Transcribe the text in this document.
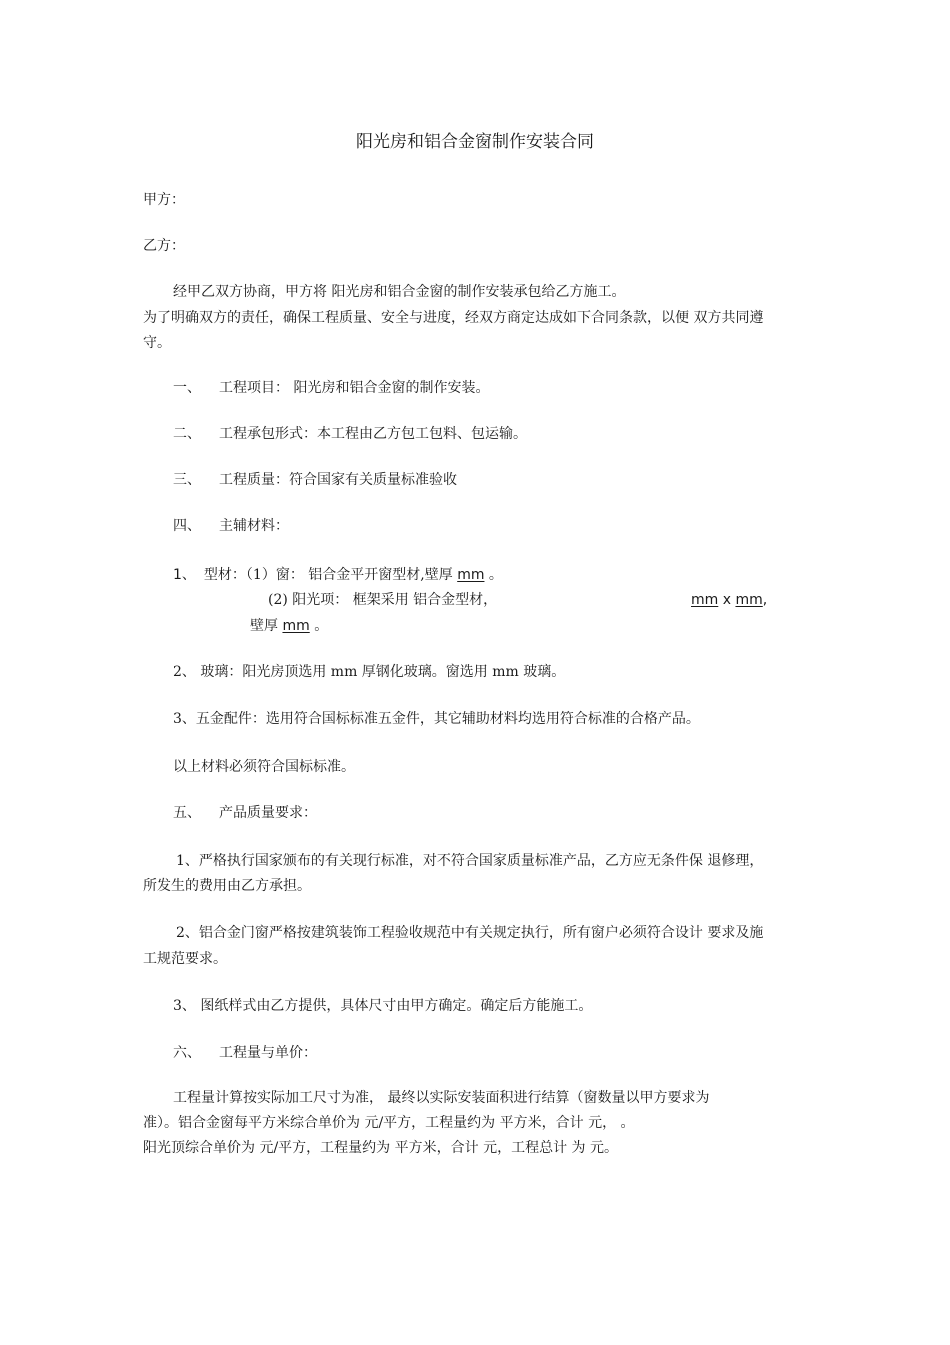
阳光房和铝合金窗制作安装合同
甲方：
乙方：
经甲乙双方协商，甲方将 阳光房和铝合金窗的制作安装承包给乙方施工。
为了明确双方的责任，确保工程质量、安全与进度，经双方商定达成如下合同条款，以便 双方共同遵
守。
一、 工程项目： 阳光房和铝合金窗的制作安装。
二、 工程承包形式：本工程由乙方包工包料、包运输。
三、 工程质量：符合国家有关质量标准验收
四、 主辅材料：
1、 型材：（1）窗： 铝合金平开窗型材,壁厚 mm 。
(2) 阳光项： 框架采用 铝合金型材，	mm x mm,
壁厚 mm 。
2、 玻璃：阳光房顶选用 mm 厚钢化玻璃。窗选用 mm 玻璃。
3、五金配件：选用符合国标标准五金件，其它辅助材料均选用符合标准的合格产品。
以上材料必须符合国标标准。
五、 产品质量要求：
1、严格执行国家颁布的有关现行标准，对不符合国家质量标准产品，乙方应无条件保 退修理，
所发生的费用由乙方承担。
2、铝合金门窗严格按建筑装饰工程验收规范中有关规定执行，所有窗户必须符合设计 要求及施
工规范要求。
3、 图纸样式由乙方提供，具体尺寸由甲方确定。确定后方能施工。
六、 工程量与单价：
工程量计算按实际加工尺寸为准， 最终以实际安装面积进行结算（窗数量以甲方要求为
准）。铝合金窗每平方米综合单价为 元/平方，工程量约为 平方米，合计 元， 。
阳光顶综合单价为 元/平方，工程量约为 平方米，合计 元，工程总计 为 元。
